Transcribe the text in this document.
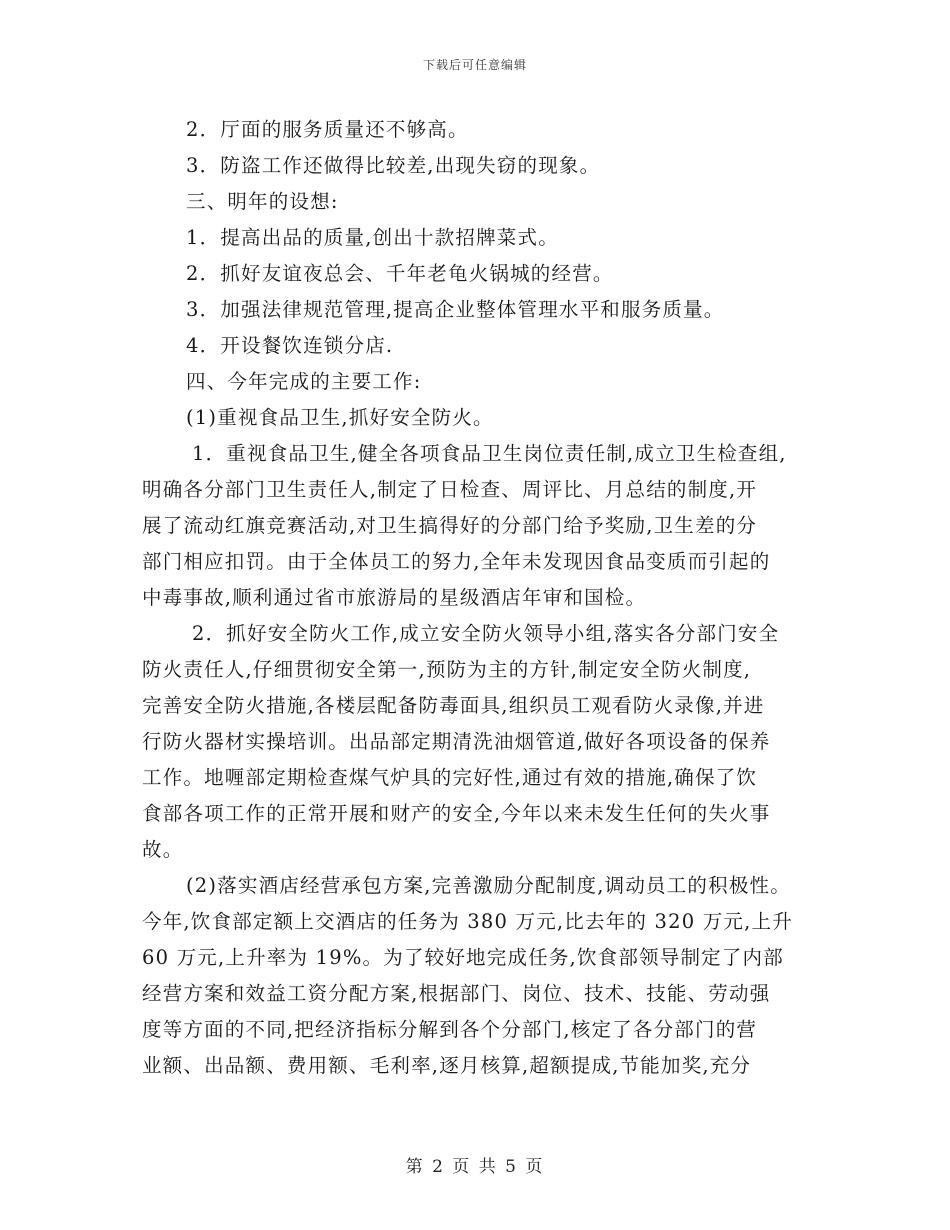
下载后可任意编辑
2．厅面的服务质量还不够高。
3．防盗工作还做得比较差,出现失窃的现象。
三、明年的设想:
1．提高出品的质量,创出十款招牌菜式。
2．抓好友谊夜总会、千年老龟火锅城的经营。
3．加强法律规范管理,提高企业整体管理水平和服务质量。
4．开设餐饮连锁分店.
四、今年完成的主要工作:
(1)重视食品卫生,抓好安全防火。
1．重视食品卫生,健全各项食品卫生岗位责任制,成立卫生检查组,
明确各分部门卫生责任人,制定了日检查、周评比、月总结的制度,开
展了流动红旗竞赛活动,对卫生搞得好的分部门给予奖励,卫生差的分
部门相应扣罚。由于全体员工的努力,全年未发现因食品变质而引起的
中毒事故,顺利通过省市旅游局的星级酒店年审和国检。
2．抓好安全防火工作,成立安全防火领导小组,落实各分部门安全
防火责任人,仔细贯彻安全第一,预防为主的方针,制定安全防火制度,
完善安全防火措施,各楼层配备防毒面具,组织员工观看防火录像,并进
行防火器材实操培训。出品部定期清洗油烟管道,做好各项设备的保养
工作。地喱部定期检查煤气炉具的完好性,通过有效的措施,确保了饮
食部各项工作的正常开展和财产的安全,今年以来未发生任何的失火事
故。
(2)落实酒店经营承包方案,完善激励分配制度,调动员工的积极性。
今年,饮食部定额上交酒店的任务为 380 万元,比去年的 320 万元,上升
60 万元,上升率为 19%。为了较好地完成任务,饮食部领导制定了内部
经营方案和效益工资分配方案,根据部门、岗位、技术、技能、劳动强
度等方面的不同,把经济指标分解到各个分部门,核定了各分部门的营
业额、出品额、费用额、毛利率,逐月核算,超额提成,节能加奖,充分
第 2 页 共 5 页
